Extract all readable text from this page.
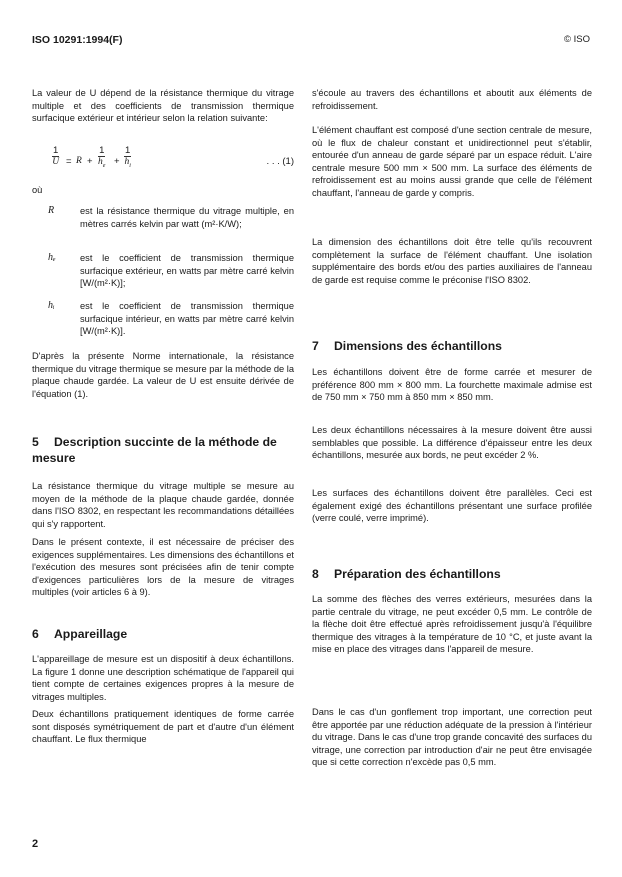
ISO 10291:1994(F)	© ISO

La valeur de U dépend de la résistance thermique du vitrage multiple et des coefficients de transmission thermique surfacique extérieur et intérieur selon la relation suivante:

$\frac{1}{U} = R + \frac{1}{h_e} + \frac{1}{h_i}$	. . . (1)

où

R	est la résistance thermique du vitrage multiple, en mètres carrés kelvin par watt (m²·K/W);
hₑ	est le coefficient de transmission thermique surfacique extérieur, en watts par mètre carré kelvin [W/(m²·K)];
hᵢ	est le coefficient de transmission thermique surfacique intérieur, en watts par mètre carré kelvin [W/(m²·K)].

D'après la présente Norme internationale, la résistance thermique du vitrage thermique se mesure par la méthode de la plaque chaude gardée. La valeur de U est ensuite dérivée de l'équation (1).

5 Description succinte de la méthode de mesure

La résistance thermique du vitrage multiple se mesure au moyen de la méthode de la plaque chaude gardée, donnée dans l'ISO 8302, en respectant les recommandations détaillées qui s'y rapportent.

Dans le présent contexte, il est nécessaire de préciser des exigences supplémentaires. Les dimensions des échantillons et l'exécution des mesures sont précisées afin de tenir compte d'exigences particulières lors de la mesure de vitrages multiples (voir articles 6 à 9).

6 Appareillage

L'appareillage de mesure est un dispositif à deux échantillons. La figure 1 donne une description schématique de l'appareil qui tient compte de certaines exigences propres à la mesure de vitrages multiples.

Deux échantillons pratiquement identiques de forme carrée sont disposés symétriquement de part et d'autre d'un élément chauffant. Le flux thermique

s'écoule au travers des échantillons et aboutit aux éléments de refroidissement.

L'élément chauffant est composé d'une section centrale de mesure, où le flux de chaleur constant et unidirectionnel peut s'établir, entourée d'un anneau de garde séparé par un espace réduit. L'aire centrale mesure 500 mm × 500 mm. La surface des éléments de refroidissement est au moins aussi grande que celle de l'élément chauffant, l'anneau de garde y compris.

La dimension des échantillons doit être telle qu'ils recouvrent complètement la surface de l'élément chauffant. Une isolation supplémentaire des bords et/ou des parties auxiliaires de l'anneau de garde est requise comme le préconise l'ISO 8302.

7 Dimensions des échantillons

Les échantillons doivent être de forme carrée et mesurer de préférence 800 mm × 800 mm. La fourchette maximale admise est de 750 mm × 750 mm à 850 mm × 850 mm.

Les deux échantillons nécessaires à la mesure doivent être aussi semblables que possible. La différence d'épaisseur entre les deux échantillons, mesurée aux bords, ne peut excéder 2 %.

Les surfaces des échantillons doivent être parallèles. Ceci est également exigé des échantillons présentant une surface profilée (verre coulé, verre imprimé).

8 Préparation des échantillons

La somme des flèches des verres extérieurs, mesurées dans la partie centrale du vitrage, ne peut excéder 0,5 mm. Le contrôle de la flèche doit être effectué après refroidissement jusqu'à l'équilibre thermique des vitrages à la température de 10 °C, et juste avant la mise en place des vitrages dans l'appareil de mesure.

Dans le cas d'un gonflement trop important, une correction peut être apportée par une réduction adéquate de la pression à l'intérieur du vitrage. Dans le cas d'une trop grande concavité des surfaces du vitrage, une correction par introduction d'air ne peut être envisagée que si cette correction n'excède pas 0,5 mm.

2
